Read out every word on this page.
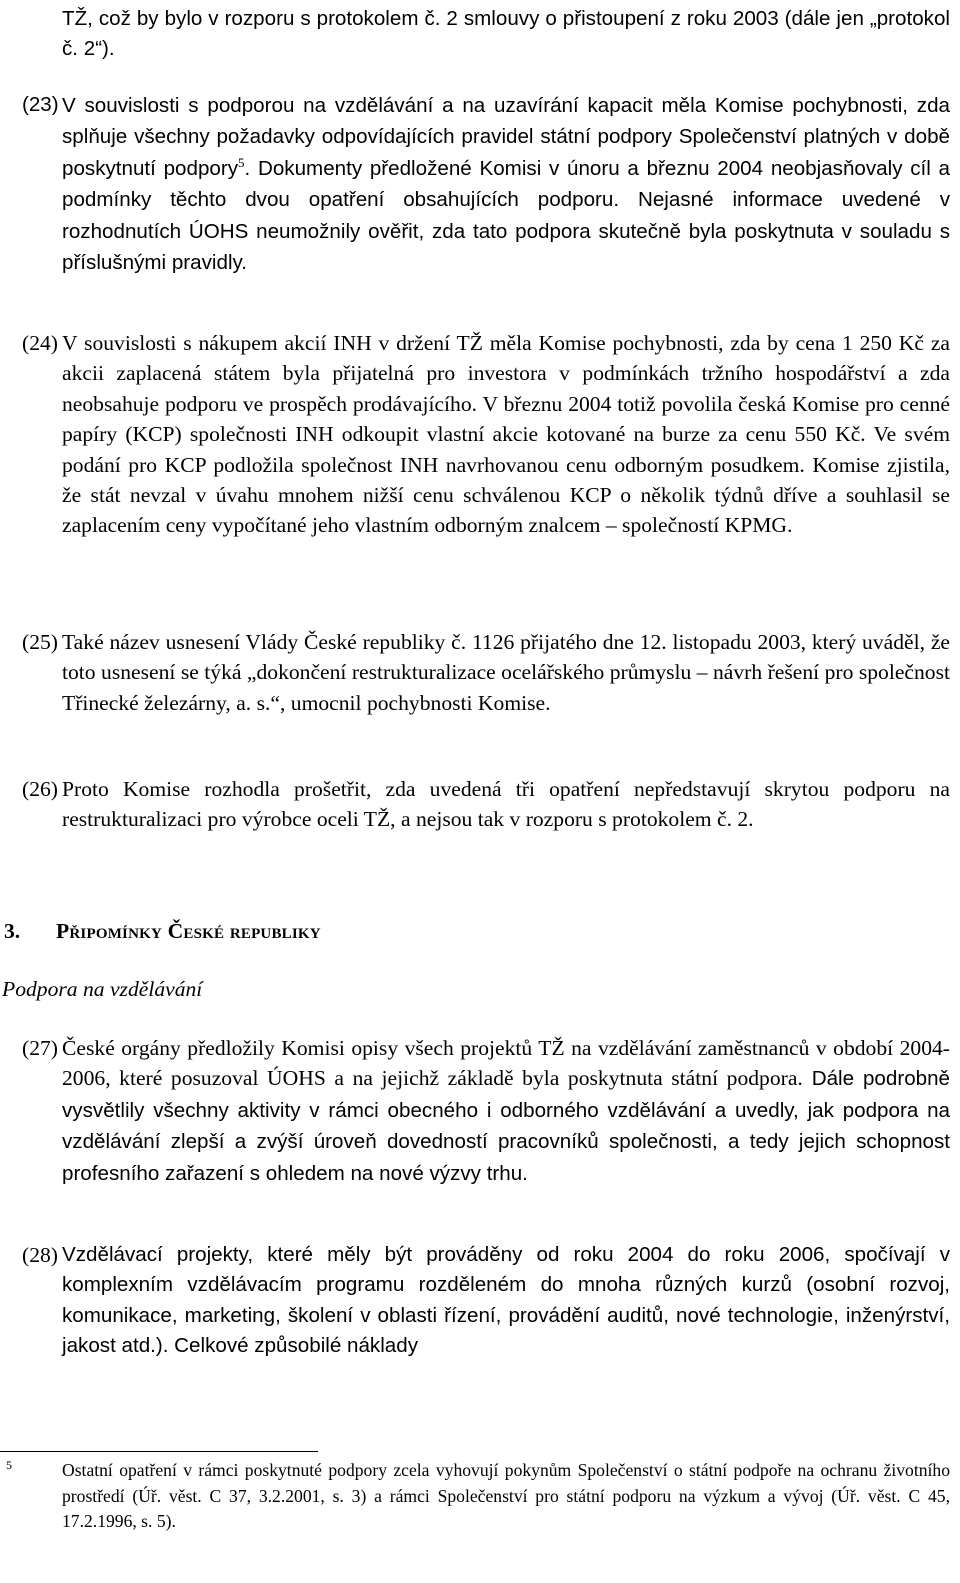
TŽ, což by bylo v rozporu s protokolem č. 2 smlouvy o přistoupení z roku 2003 (dále jen „protokol č. 2“).
(23) V souvislosti s podporou na vzdělávání a na uzavírání kapacit měla Komise pochybnosti, zda splňuje všechny požadavky odpovídajících pravidel státní podpory Společenství platných v době poskytnutí podpory$^5$. Dokumenty předložené Komisi v únoru a březnu 2004 neobjasňovaly cíl a podmínky těchto dvou opatření obsahujících podporu. Nejasné informace uvedené v rozhodnutích ÚOHS neumožnily ověřit, zda tato podpora skutečně byla poskytnuta v souladu s příslušnými pravidly.
(24) V souvislosti s nákupem akcií INH v držení TŽ měla Komise pochybnosti, zda by cena 1 250 Kč za akcii zaplacená státem byla přijatelná pro investora v podmínkách tržního hospodářství a zda neobsahuje podporu ve prospěch prodávajícího. V březnu 2004 totiž povolila česká Komise pro cenné papíry (KCP) společnosti INH odkoupit vlastní akcie kotované na burze za cenu 550 Kč. Ve svém podání pro KCP podložila společnost INH navrhovanou cenu odborným posudkem. Komise zjistila, že stát nevzal v úvahu mnohem nižší cenu schválenou KCP o několik týdnů dříve a souhlasil se zaplacením ceny vypočítané jeho vlastním odborným znalcem – společností KPMG.
(25) Také název usnesení Vlády České republiky č. 1126 přijatého dne 12. listopadu 2003, který uváděl, že toto usnesení se týká „dokončení restrukturalizace ocelářského průmyslu – návrh řešení pro společnost Třinecké železárny, a. s.“, umocnil pochybnosti Komise.
(26) Proto Komise rozhodla prošetřit, zda uvedená tři opatření nepředstavují skrytou podporu na restrukturalizaci pro výrobce oceli TŽ, a nejsou tak v rozporu s protokolem č. 2.
3. Připomínky České republiky
Podpora na vzdělávání
(27) České orgány předložily Komisi opisy všech projektů TŽ na vzdělávání zaměstnanců v období 2004-2006, které posuzoval ÚOHS a na jejichž základě byla poskytnuta státní podpora. Dále podrobně vysvětlily všechny aktivity v rámci obecného i odborného vzdělávání a uvedly, jak podpora na vzdělávání zlepší a zvýší úroveň dovedností pracovníků společnosti, a tedy jejich schopnost profesního zařazení s ohledem na nové výzvy trhu.
(28) Vzdělávací projekty, které měly být prováděny od roku 2004 do roku 2006, spočívají v komplexním vzdělávacím programu rozděleném do mnoha různých kurzů (osobní rozvoj, komunikace, marketing, školení v oblasti řízení, provádění auditů, nové technologie, inženýrství, jakost atd.). Celkové způsobilé náklady
5	Ostatní opatření v rámci poskytnuté podpory zcela vyhovují pokynům Společenství o státní podpoře na ochranu životního prostředí (Úř. věst. C 37, 3.2.2001, s. 3) a rámci Společenství pro státní podporu na výzkum a vývoj (Úř. věst. C 45, 17.2.1996, s. 5).
